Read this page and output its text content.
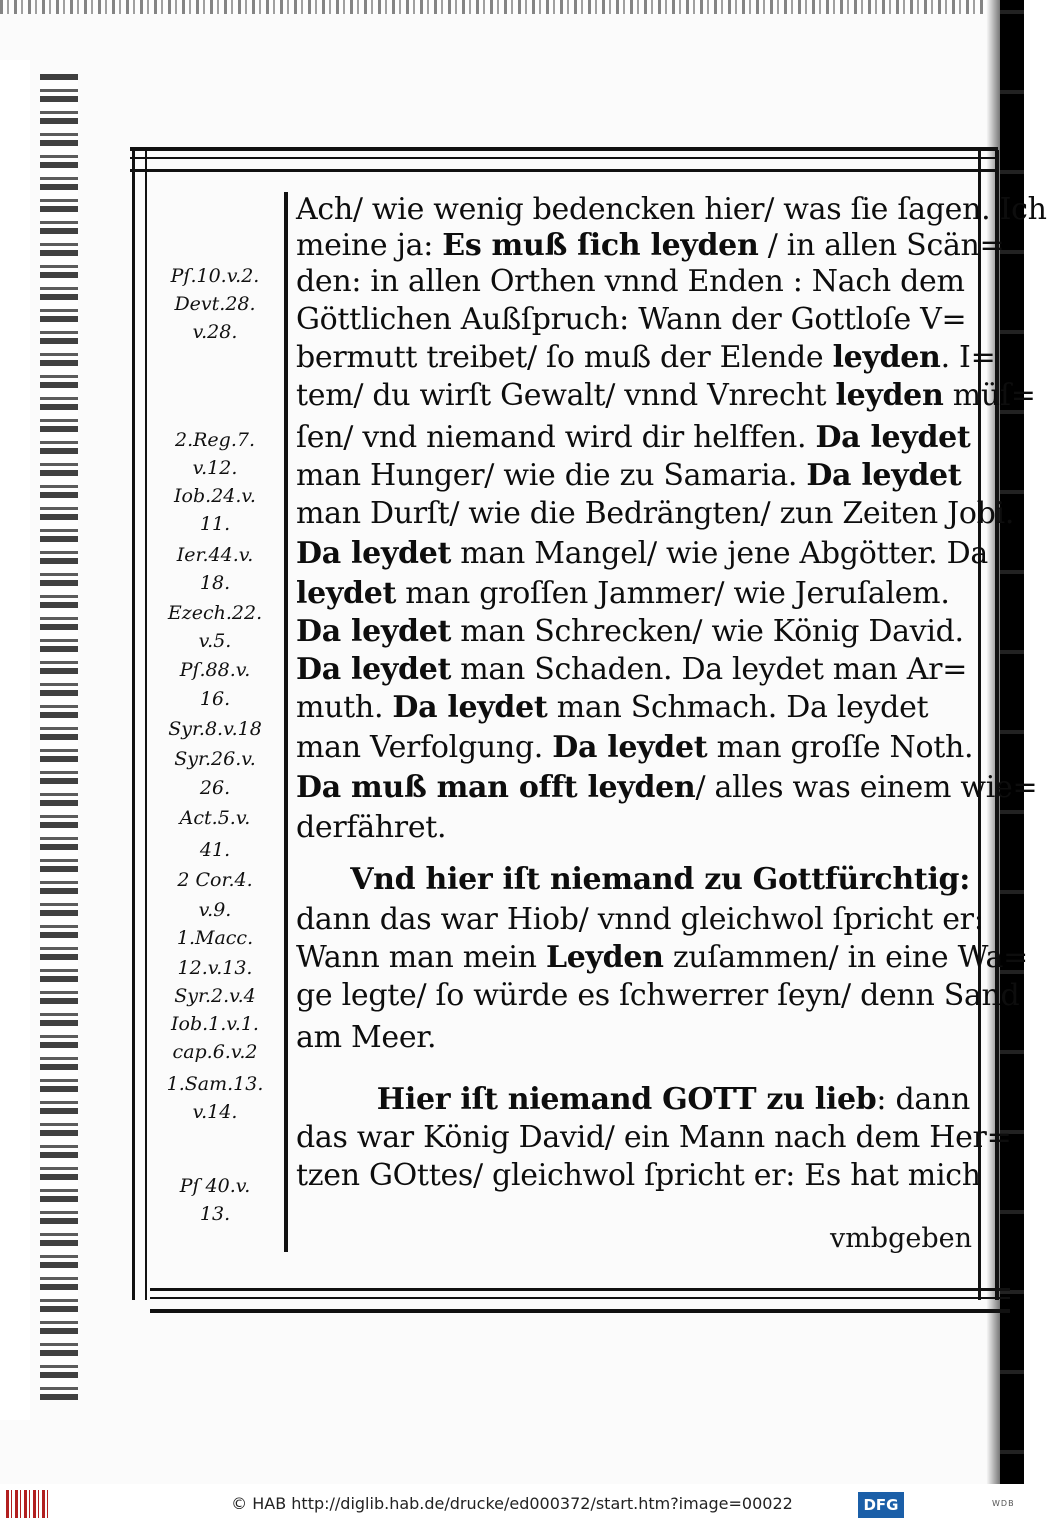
Pſ.10.v.2.
Devt.28.
v.28.
2.Reg.7.
v.12.
Iob.24.v.
11.
Ier.44.v.
18.
Ezech.22.
v.5.
Pſ.88.v.
16.
Syr.8.v.18
Syr.26.v.
26.
Act.5.v.
41.
2 Cor.4.
v.9.
1.Macc.
12.v.13.
Syr.2.v.4
Iob.1.v.1.
cap.6.v.2
1.Sam.13.
v.14.
Pſ 40.v.
13.
Ach/ wie wenig bedencken hier/ was ſie ſagen. Ich
meine ja: Es muß ſich leyden / in allen Scän=
den: in allen Orthen vnnd Enden : Nach dem
Göttlichen Außſpruch: Wann der Gottloſe V=
bermutt treibet/ ſo muß der Elende leyden. I=
tem/ du wirſt Gewalt/ vnnd Vnrecht leyden müſ=
ſen/ vnd niemand wird dir helffen. Da leydet
man Hunger/ wie die zu Samaria. Da leydet
man Durſt/ wie die Bedrängten/ zun Zeiten Jobi.
Da leydet man Mangel/ wie jene Abgötter. Da
leydet man groſſen Jammer/ wie Jeruſalem.
Da leydet man Schrecken/ wie König David.
Da leydet man Schaden. Da leydet man Ar=
muth. Da leydet man Schmach. Da leydet
man Verfolgung. Da leydet man groſſe Noth.
Da muß man offt leyden/ alles was einem wie=
derfähret.
Vnd hier iſt niemand zu Gottfürchtig:
dann das war Hiob/ vnnd gleichwol ſpricht er:
Wann man mein Leyden zuſammen/ in eine Wa=
ge legte/ ſo würde es ſchwerrer ſeyn/ denn Sand
am Meer.
Hier iſt niemand GOTT zu lieb: dann
das war König David/ ein Mann nach dem Her=
tzen GOttes/ gleichwol ſpricht er: Es hat mich
vmbgeben
© HAB http://diglib.hab.de/drucke/ed000372/start.htm?image=00022	DFG	WDB
